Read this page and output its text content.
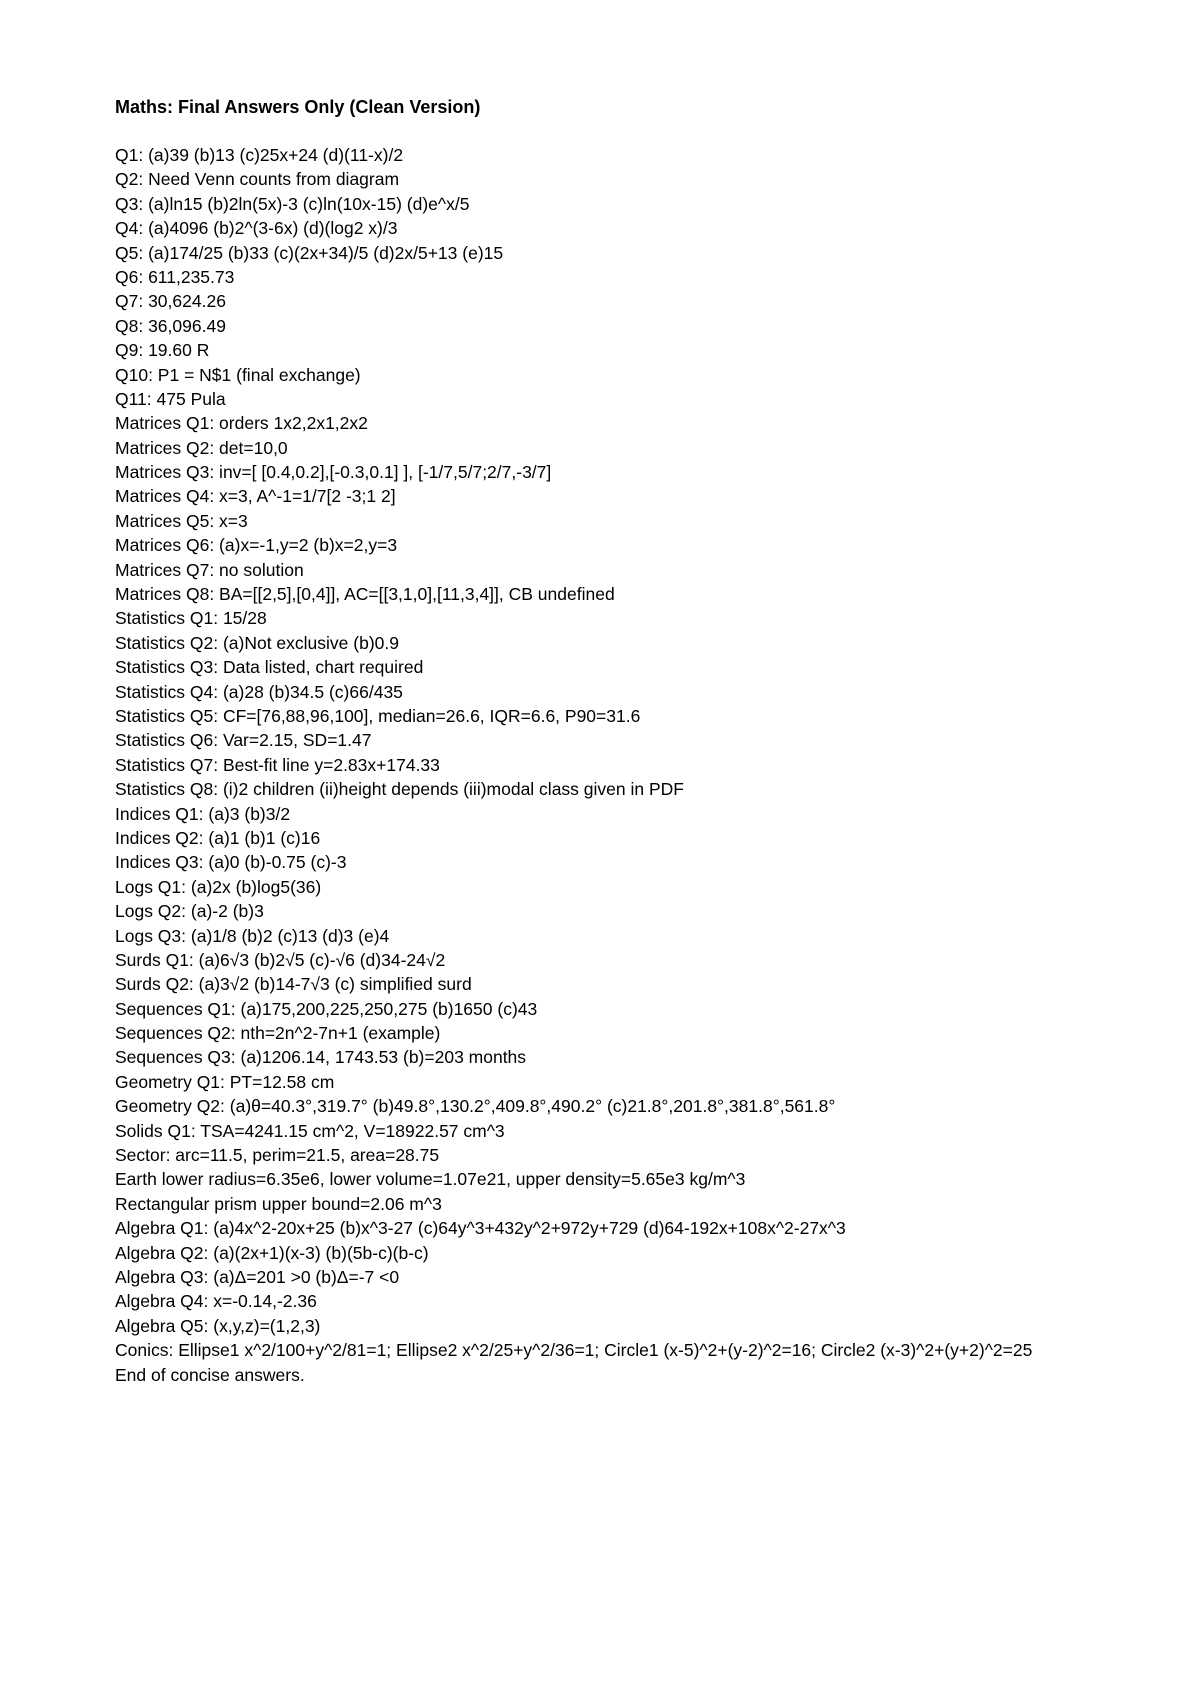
Maths: Final Answers Only (Clean Version)
Q1: (a)39 (b)13 (c)25x+24 (d)(11-x)/2
Q2: Need Venn counts from diagram
Q3: (a)ln15 (b)2ln(5x)-3 (c)ln(10x-15) (d)e^x/5
Q4: (a)4096 (b)2^(3-6x) (d)(log2 x)/3
Q5: (a)174/25 (b)33 (c)(2x+34)/5 (d)2x/5+13 (e)15
Q6: 611,235.73
Q7: 30,624.26
Q8: 36,096.49
Q9: 19.60 R
Q10: P1 = N$1 (final exchange)
Q11: 475 Pula
Matrices Q1: orders 1x2,2x1,2x2
Matrices Q2: det=10,0
Matrices Q3: inv=[ [0.4,0.2],[-0.3,0.1] ], [-1/7,5/7;2/7,-3/7]
Matrices Q4: x=3, A^-1=1/7[2 -3;1 2]
Matrices Q5: x=3
Matrices Q6: (a)x=-1,y=2 (b)x=2,y=3
Matrices Q7: no solution
Matrices Q8: BA=[[2,5],[0,4]], AC=[[3,1,0],[11,3,4]], CB undefined
Statistics Q1: 15/28
Statistics Q2: (a)Not exclusive (b)0.9
Statistics Q3: Data listed, chart required
Statistics Q4: (a)28 (b)34.5 (c)66/435
Statistics Q5: CF=[76,88,96,100], median=26.6, IQR=6.6, P90=31.6
Statistics Q6: Var=2.15, SD=1.47
Statistics Q7: Best-fit line y=2.83x+174.33
Statistics Q8: (i)2 children (ii)height depends (iii)modal class given in PDF
Indices Q1: (a)3 (b)3/2
Indices Q2: (a)1 (b)1 (c)16
Indices Q3: (a)0 (b)-0.75 (c)-3
Logs Q1: (a)2x (b)log5(36)
Logs Q2: (a)-2 (b)3
Logs Q3: (a)1/8 (b)2 (c)13 (d)3 (e)4
Surds Q1: (a)6√3 (b)2√5 (c)-√6 (d)34-24√2
Surds Q2: (a)3√2 (b)14-7√3 (c) simplified surd
Sequences Q1: (a)175,200,225,250,275 (b)1650 (c)43
Sequences Q2: nth=2n^2-7n+1 (example)
Sequences Q3: (a)1206.14, 1743.53 (b)=203 months
Geometry Q1: PT=12.58 cm
Geometry Q2: (a)θ=40.3°,319.7° (b)49.8°,130.2°,409.8°,490.2° (c)21.8°,201.8°,381.8°,561.8°
Solids Q1: TSA=4241.15 cm^2, V=18922.57 cm^3
Sector: arc=11.5, perim=21.5, area=28.75
Earth lower radius=6.35e6, lower volume=1.07e21, upper density=5.65e3 kg/m^3
Rectangular prism upper bound=2.06 m^3
Algebra Q1: (a)4x^2-20x+25 (b)x^3-27 (c)64y^3+432y^2+972y+729 (d)64-192x+108x^2-27x^3
Algebra Q2: (a)(2x+1)(x-3) (b)(5b-c)(b-c)
Algebra Q3: (a)Δ=201 >0 (b)Δ=-7 <0
Algebra Q4: x=-0.14,-2.36
Algebra Q5: (x,y,z)=(1,2,3)
Conics: Ellipse1 x^2/100+y^2/81=1; Ellipse2 x^2/25+y^2/36=1; Circle1 (x-5)^2+(y-2)^2=16; Circle2 (x-3)^2+(y+2)^2=25
End of concise answers.
